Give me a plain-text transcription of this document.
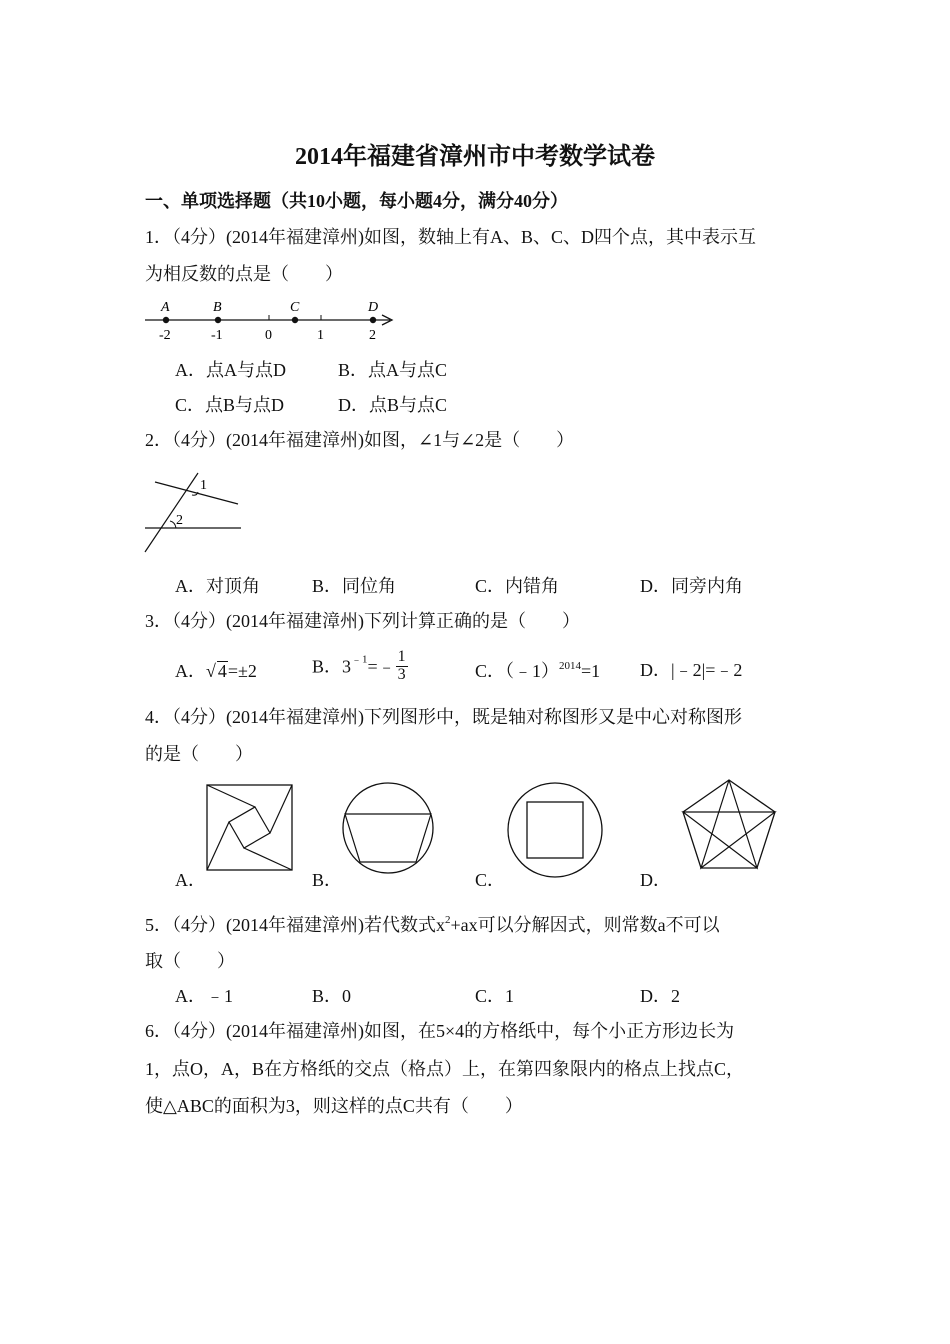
2014年福建省漳州市中考数学试卷
一、单项选择题（共10小题，每小题4分，满分40分）
1．（4分）(2014年福建漳州)如图，数轴上有A、B、C、D四个点，其中表示互
为相反数的点是（　　）
A	B	C	D
-2	-1	0	1	2
A．点A与点D	B．点A与点C
C．点B与点D	D．点B与点C
2．（4分）(2014年福建漳州)如图，∠1与∠2是（　　）
1
2
A．对顶角	B．同位角	C．内错角	D．同旁内角
3．（4分）(2014年福建漳州)下列计算正确的是（　　）
A．√ 4=±2	B．$3^{﹣1}=﹣ \frac{1}{3}$	C．（﹣1）$^{2014}$=1 D．|﹣2|=﹣2
4．（4分）(2014年福建漳州)下列图形中，既是轴对称图形又是中心对称图形
的是（　　）
A．	B．	C．	D．
5．（4分）(2014年福建漳州)若代数式$x^2+ax$可以分解因式，则常数a不可以
取（　　）
A．﹣1	B．0	C．1	D．2
6．（4分）(2014年福建漳州)如图，在5×4的方格纸中，每个小正方形边长为
1，点O，A，B在方格纸的交点（格点）上，在第四象限内的格点上找点C，
使△ABC的面积为3，则这样的点C共有（　　）
